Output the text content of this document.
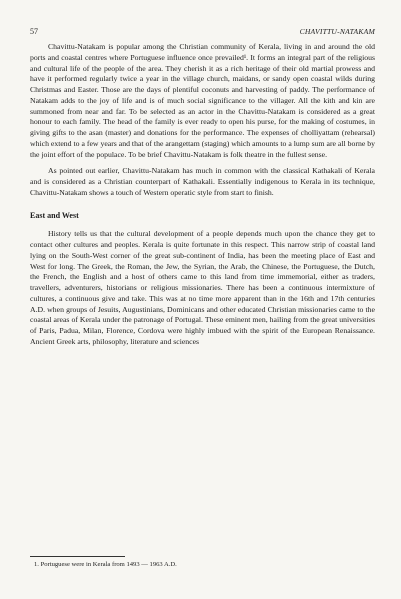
57	CHAVITTU-NATAKAM

Chavittu-Natakam is popular among the Christian community of Kerala, living in and around the old ports and coastal centres where Portuguese influence once prevailed¹. It forms an integral part of the religious and cultural life of the people of the area. They cherish it as a rich heritage of their old martial prowess and have it performed regularly twice a year in the village church, maidans, or sandy open coastal wilds during Christmas and Easter. Those are the days of plentiful coconuts and harvesting of paddy. The performance of Natakam adds to the joy of life and is of much social significance to the villager. All the kith and kin are summoned from near and far. To be selected as an actor in the Chavittu-Natakam is considered as a great honour to each family. The head of the family is ever ready to open his purse, for the making of costumes, in giving gifts to the asan (master) and donations for the performance. The expenses of cholliyattam (rehearsal) which extend to a few years and that of the arangettam (staging) which amounts to a lump sum are all borne by the joint effort of the populace. To be brief Chavittu-Natakam is folk theatre in the fullest sense.

As pointed out earlier, Chavittu-Natakam has much in common with the classical Kathakali of Kerala and is considered as a Christian counterpart of Kathakali. Essentially indigenous to Kerala in its technique, Chavittu-Natakam shows a touch of Western operatic style from start to finish.

East and West

History tells us that the cultural development of a people depends much upon the chance they get to contact other cultures and peoples. Kerala is quite fortunate in this respect. This narrow strip of coastal land lying on the South-West corner of the great sub-continent of India, has been the meeting place of East and West for long. The Greek, the Roman, the Jew, the Syrian, the Arab, the Chinese, the Portuguese, the Dutch, the French, the English and a host of others came to this land from time immemorial, either as traders, travellers, adventurers, historians or religious missionaries. There has been a continuous intermixture of cultures, a continuous give and take. This was at no time more apparent than in the 16th and 17th centuries A.D. when groups of Jesuits, Augustinians, Dominicans and other educated Christian missionaries came to the coastal areas of Kerala under the patronage of Portugal. These eminent men, hailing from the great universities of Paris, Padua, Milan, Florence, Cordova were highly imbued with the spirit of the European Renaissance. Ancient Greek arts, philosophy, literature and sciences

1. Portuguese were in Kerala from 1493 — 1963 A.D.
